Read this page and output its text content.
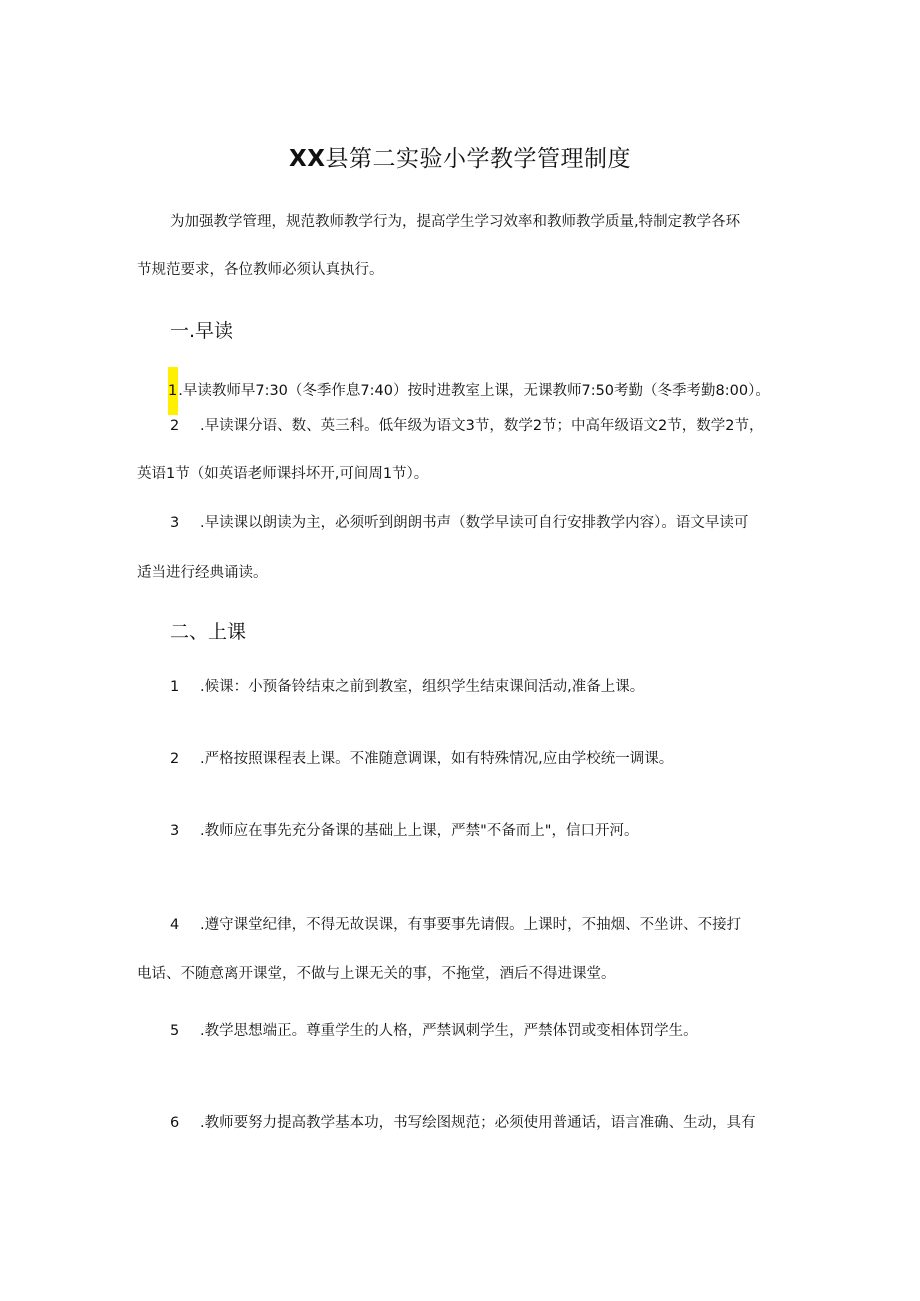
XX县第二实验小学教学管理制度
为加强教学管理，规范教师教学行为，提高学生学习效率和教师教学质量,特制定教学各环
节规范要求，各位教师必须认真执行。
一.早读
1.早读教师早7:30（冬季作息7:40）按时进教室上课，无课教师7:50考勤（冬季考勤8:00）。
2 .早读课分语、数、英三科。低年级为语文3节，数学2节；中高年级语文2节，数学2节，
英语1节（如英语老师课抖坏开,可间周1节）。
3 .早读课以朗读为主，必须听到朗朗书声（数学早读可自行安排教学内容）。语文早读可
适当进行经典诵读。
二、上课
1 .候课：小预备铃结束之前到教室，组织学生结束课间活动,准备上课。
2 .严格按照课程表上课。不准随意调课，如有特殊情况,应由学校统一调课。
3 .教师应在事先充分备课的基础上上课，严禁"不备而上"，信口开河。
4 .遵守课堂纪律，不得无故误课，有事要事先请假。上课时，不抽烟、不坐讲、不接打
电话、不随意离开课堂，不做与上课无关的事，不拖堂，酒后不得进课堂。
5 .教学思想端正。尊重学生的人格，严禁讽刺学生，严禁体罚或变相体罚学生。
6 .教师要努力提高教学基本功，书写绘图规范；必须使用普通话，语言准确、生动，具有
